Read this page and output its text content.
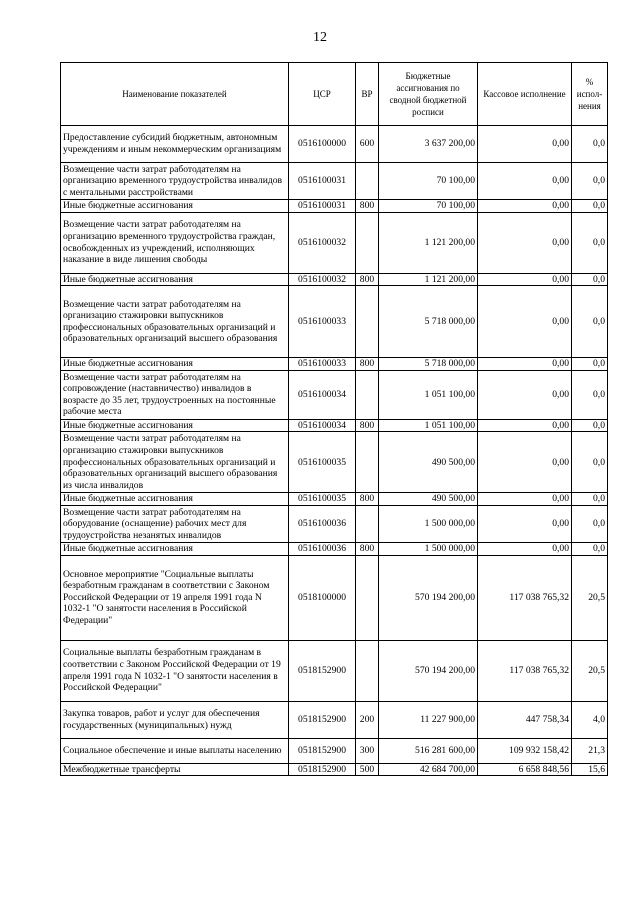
12
Наименование показателей	ЦСР	ВР	Бюджетные ассигнования по сводной бюджетной росписи	Кассовое исполнение	% испол-нения
Предоставление субсидий бюджетным, автономным учреждениям и иным некоммерческим организациям	0516100000	600	3 637 200,00	0,00	0,0
Возмещение части затрат работодателям на организацию временного трудоустройства инвалидов с ментальными расстройствами	0516100031		70 100,00	0,00	0,0
Иные бюджетные ассигнования	0516100031	800	70 100,00	0,00	0,0
Возмещение части затрат работодателям на организацию временного трудоустройства граждан, освобожденных из учреждений, исполняющих наказание в виде лишения свободы	0516100032		1 121 200,00	0,00	0,0
Иные бюджетные ассигнования	0516100032	800	1 121 200,00	0,00	0,0
Возмещение части затрат работодателям на организацию стажировки выпускников профессиональных образовательных организаций и образовательных организаций высшего образования	0516100033		5 718 000,00	0,00	0,0
Иные бюджетные ассигнования	0516100033	800	5 718 000,00	0,00	0,0
Возмещение части затрат работодателям на сопровождение (наставничество) инвалидов в возрасте до 35 лет, трудоустроенных на постоянные рабочие места	0516100034		1 051 100,00	0,00	0,0
Иные бюджетные ассигнования	0516100034	800	1 051 100,00	0,00	0,0
Возмещение части затрат работодателям на организацию стажировки выпускников профессиональных образовательных организаций и образовательных организаций высшего образования из числа инвалидов	0516100035		490 500,00	0,00	0,0
Иные бюджетные ассигнования	0516100035	800	490 500,00	0,00	0,0
Возмещение части затрат работодателям на оборудование (оснащение) рабочих мест для трудоустройства незанятых инвалидов	0516100036		1 500 000,00	0,00	0,0
Иные бюджетные ассигнования	0516100036	800	1 500 000,00	0,00	0,0
Основное мероприятие "Социальные выплаты безработным гражданам в соответствии с Законом Российской Федерации от 19 апреля 1991 года N 1032-1 "О занятости населения в Российской Федерации"	0518100000		570 194 200,00	117 038 765,32	20,5
Социальные выплаты безработным гражданам в соответствии с Законом Российской Федерации от 19 апреля 1991 года N 1032-1 "О занятости населения в Российской Федерации"	0518152900		570 194 200,00	117 038 765,32	20,5
Закупка товаров, работ и услуг для обеспечения государственных (муниципальных) нужд	0518152900	200	11 227 900,00	447 758,34	4,0
Социальное обеспечение и иные выплаты населению	0518152900	300	516 281 600,00	109 932 158,42	21,3
Межбюджетные трансферты	0518152900	500	42 684 700,00	6 658 848,56	15,6
